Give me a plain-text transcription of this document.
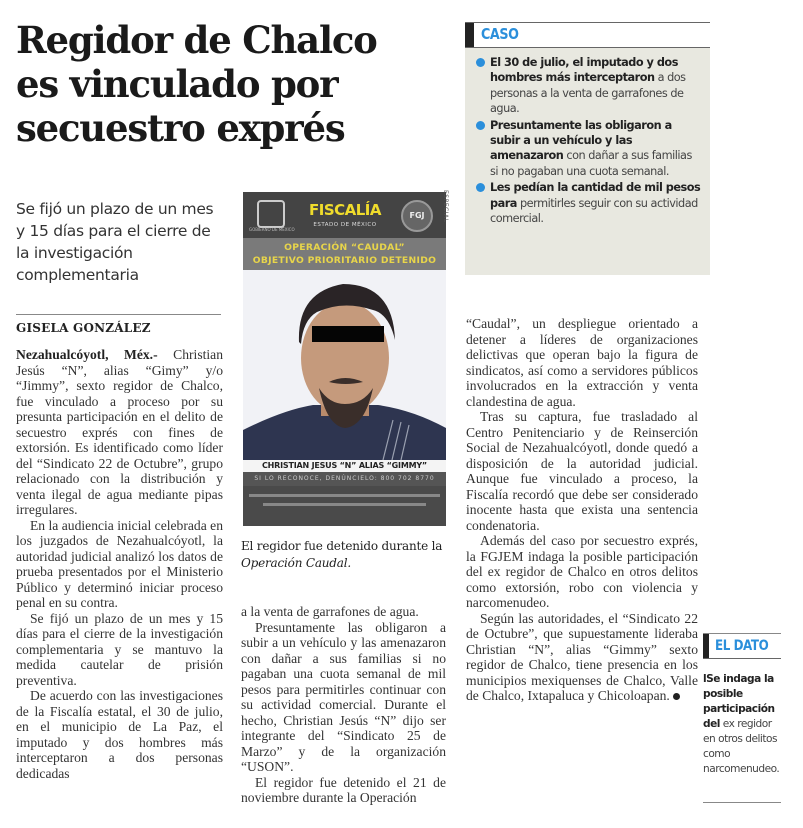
Regidor de Chalco
es vinculado por
secuestro exprés
Se fijó un plazo de un mes y 15 días para el cierre de la investigación complementaria
GISELA GONZÁLEZ

Nezahualcóyotl, Méx.- Christian Jesús “N”, alias “Gimy” y/o “Jimmy”, sexto regidor de Chalco, fue vinculado a proceso por su presunta participación en el delito de secuestro exprés con fines de extorsión. Es identificado como líder del “Sindicato 22 de Octubre”, grupo relacionado con la distribución y venta ilegal de agua mediante pipas irregulares.

En la audiencia inicial celebrada en los juzgados de Nezahualcóyotl, la autoridad judicial analizó los datos de prueba presentados por el Ministerio Público y determinó iniciar proceso penal en su contra.

Se fijó un plazo de un mes y 15 días para el cierre de la investigación complementaria y se mantuvo la medida cautelar de prisión preventiva.

De acuerdo con las investigaciones de la Fiscalía estatal, el 30 de julio, en el municipio de La Paz, el imputado y dos hombres más interceptaron a dos personas dedicadas

GOBIERNO DE MÉXICO
FISCALÍA
ESTADO DE MÉXICO
FGJ
OPERACIÓN “CAUDAL”
OBJETIVO PRIORITARIO DETENIDO
CHRISTIAN JESUS “N” ALIAS “GIMMY”
SI LO RECONOCE, DENÚNCIELO: 800 702 8770
ESPECIAL
El regidor fue detenido durante la
Operación Caudal.

a la venta de garrafones de agua.

Presuntamente las obligaron a subir a un vehículo y las amenazaron con dañar a sus familias si no pagaban una cuota semanal de mil pesos para permitirles continuar con su actividad comercial. Durante el hecho, Christian Jesús “N” dijo ser integrante del “Sindicato 25 de Marzo” y de la organización “USON”.

El regidor fue detenido el 21 de noviembre durante la Operación

CASO
El 30 de julio, el imputado y dos hombres más interceptaron a dos personas a la venta de garrafones de agua.
Presuntamente las obligaron a subir a un vehículo y las amenazaron con dañar a sus familias si no pagaban una cuota semanal.
Les pedían la cantidad de mil pesos para permitirles seguir con su actividad comercial.

“Caudal”, un despliegue orientado a detener a líderes de organizaciones delictivas que operan bajo la figura de sindicatos, así como a servidores públicos involucrados en la extracción y venta clandestina de agua.

Tras su captura, fue trasladado al Centro Penitenciario y de Reinserción Social de Nezahualcóyotl, donde quedó a disposición de la autoridad judicial. Aunque fue vinculado a proceso, la Fiscalía recordó que debe ser considerado inocente hasta que exista una sentencia condenatoria.

Además del caso por secuestro exprés, la FGJEM indaga la posible participación del ex regidor de Chalco en otros delitos como extorsión, robo con violencia y narcomenudeo.

Según las autoridades, el “Sindicato 22 de Octubre”, que supuestamente lideraba Christian “N”, alias “Gimmy” sexto regidor de Chalco, tiene presencia en los municipios mexiquenses de Chalco, Valle de Chalco, Ixtapaluca y Chicoloapan.

EL DATO
lSe indaga la posible participación del ex regidor en otros delitos como narcomenudeo.
